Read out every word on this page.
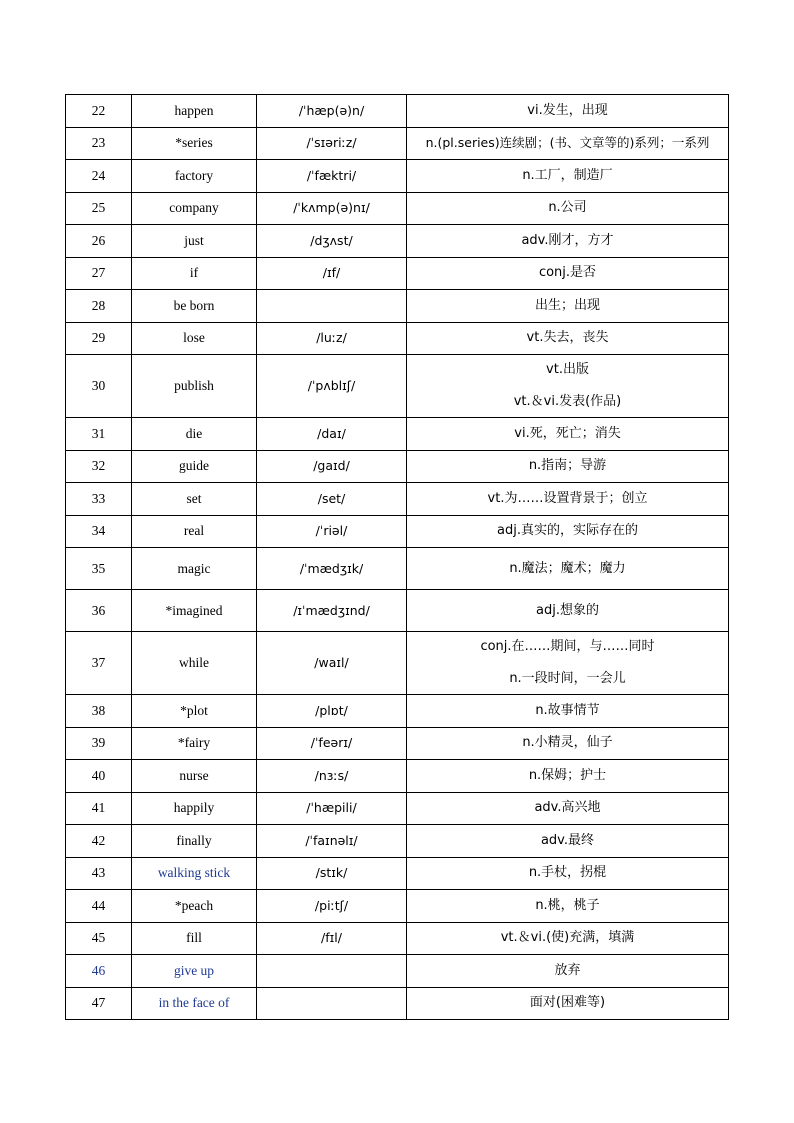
22	happen	/ˈhæp(ə)n/	vi.发生，出现

23	*series	/ˈsɪəriːz/	n.(pl.series)连续剧；(书、文章等的)系列；一系列

24	factory	/ˈfæktri/	n.工厂，制造厂

25	company	/ˈkʌmp(ə)nɪ/	n.公司

26	just	/dʒʌst/	adv.刚才，方才

27	if	/ɪf/	conj.是否

28	be born		出生；出现

29	lose	/luːz/	vt.失去，丧失

30	publish	/ˈpʌblɪʃ/	vt.出版
vt.＆vi.发表(作品)

31	die	/daɪ/	vi.死，死亡；消失

32	guide	/gaɪd/	n.指南；导游

33	set	/set/	vt.为……设置背景于；创立

34	real	/ˈriəl/	adj.真实的，实际存在的

35	magic	/ˈmædʒɪk/	n.魔法；魔术；魔力

36	*imagined	/ɪˈmædʒɪnd/	adj.想象的

37	while	/waɪl/	conj.在……期间，与……同时
n.一段时间，一会儿

38	*plot	/plɒt/	n.故事情节

39	*fairy	/ˈfeərɪ/	n.小精灵，仙子

40	nurse	/nɜːs/	n.保姆；护士

41	happily	/ˈhæpili/	adv.高兴地

42	finally	/ˈfaɪnəlɪ/	adv.最终

43	walking stick	/stɪk/	n.手杖，拐棍

44	*peach	/piːtʃ/	n.桃，桃子

45	fill	/fɪl/	vt.＆vi.(使)充满，填满

46	give up		放弃

47	in the face of		面对(困难等)
